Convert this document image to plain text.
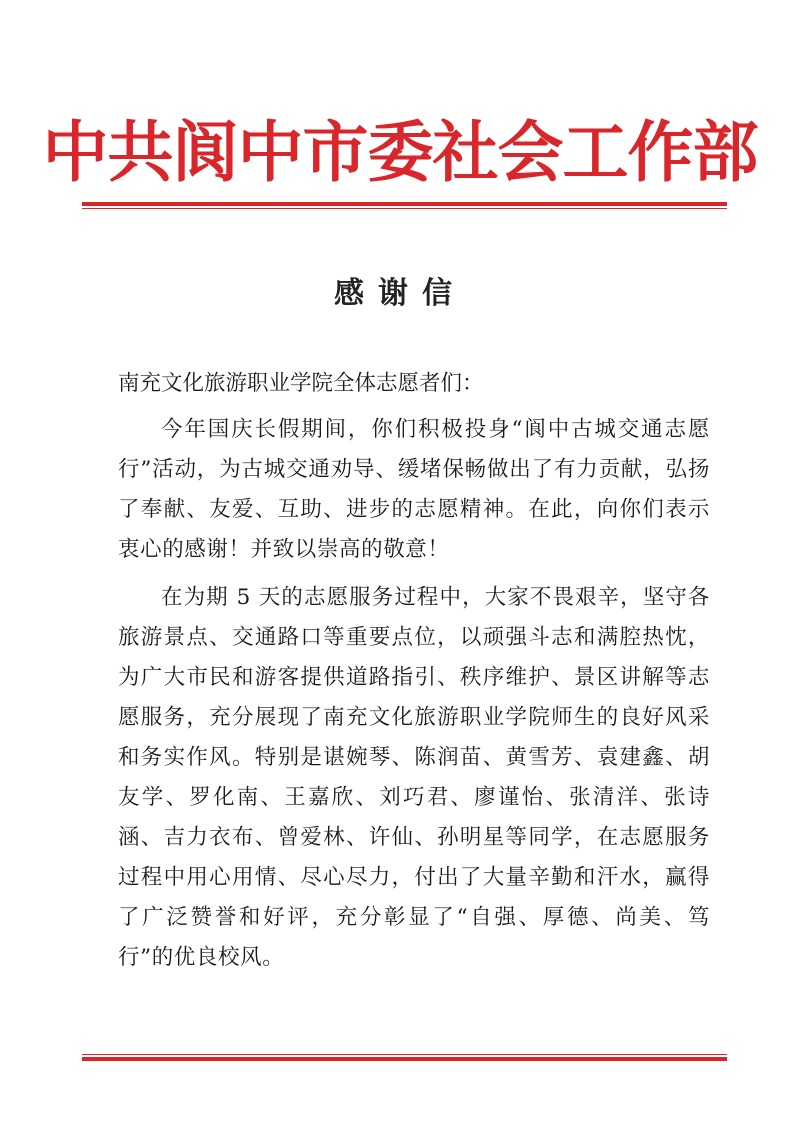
中共阆中市委社会工作部
感谢信
南充文化旅游职业学院全体志愿者们：

今年国庆长假期间，你们积极投身“阆中古城交通志愿行”活动，为古城交通劝导、缓堵保畅做出了有力贡献，弘扬了奉献、友爱、互助、进步的志愿精神。在此，向你们表示衷心的感谢！并致以崇高的敬意！

在为期 5 天的志愿服务过程中，大家不畏艰辛，坚守各旅游景点、交通路口等重要点位，以顽强斗志和满腔热忱，为广大市民和游客提供道路指引、秩序维护、景区讲解等志愿服务，充分展现了南充文化旅游职业学院师生的良好风采和务实作风。特别是谌婉琴、陈润苗、黄雪芳、袁建鑫、胡友学、罗化南、王嘉欣、刘巧君、廖谨怡、张清洋、张诗涵、吉力衣布、曾爱林、许仙、孙明星等同学，在志愿服务过程中用心用情、尽心尽力，付出了大量辛勤和汗水，赢得了广泛赞誉和好评，充分彰显了“自强、厚德、尚美、笃行”的优良校风。
